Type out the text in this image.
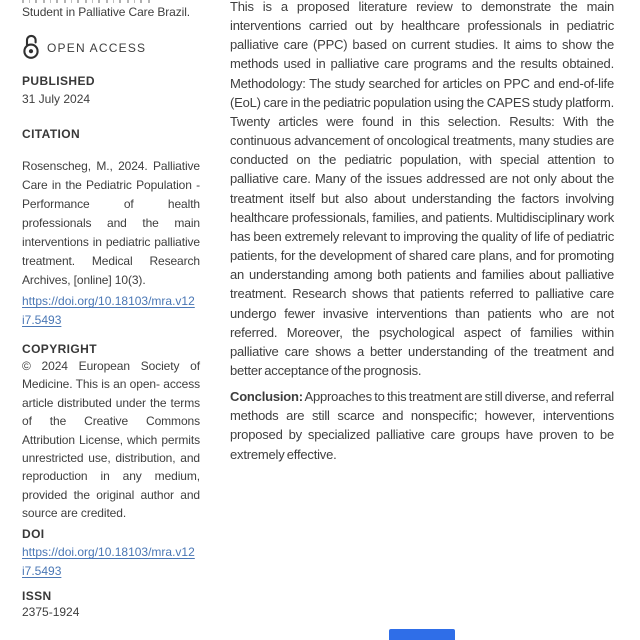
Student in Palliative Care Brazil.
OPEN ACCESS
PUBLISHED
31 July 2024
CITATION
Rosenscheg, M., 2024. Palliative Care in the Pediatric Population - Performance of health professionals and the main interventions in pediatric palliative treatment. Medical Research Archives, [online] 10(3).
https://doi.org/10.18103/mra.v12
i7.5493
COPYRIGHT
© 2024 European Society of Medicine. This is an open- access article distributed under the terms of the Creative Commons Attribution License, which permits unrestricted use, distribution, and reproduction in any medium, provided the original author and source are credited.
DOI
https://doi.org/10.18103/mra.v12
i7.5493
ISSN
2375-1924

This is a proposed literature review to demonstrate the main interventions carried out by healthcare professionals in pediatric palliative care (PPC) based on current studies. It aims to show the methods used in palliative care programs and the results obtained. Methodology: The study searched for articles on PPC and end-of-life (EoL) care in the pediatric population using the CAPES study platform. Twenty articles were found in this selection. Results: With the continuous advancement of oncological treatments, many studies are conducted on the pediatric population, with special attention to palliative care. Many of the issues addressed are not only about the treatment itself but also about understanding the factors involving healthcare professionals, families, and patients. Multidisciplinary work has been extremely relevant to improving the quality of life of pediatric patients, for the development of shared care plans, and for promoting an understanding among both patients and families about palliative treatment. Research shows that patients referred to palliative care undergo fewer invasive interventions than patients who are not referred. Moreover, the psychological aspect of families within palliative care shows a better understanding of the treatment and better acceptance of the prognosis.

Conclusion: Approaches to this treatment are still diverse, and referral methods are still scarce and nonspecific; however, interventions proposed by specialized palliative care groups have proven to be extremely effective.
